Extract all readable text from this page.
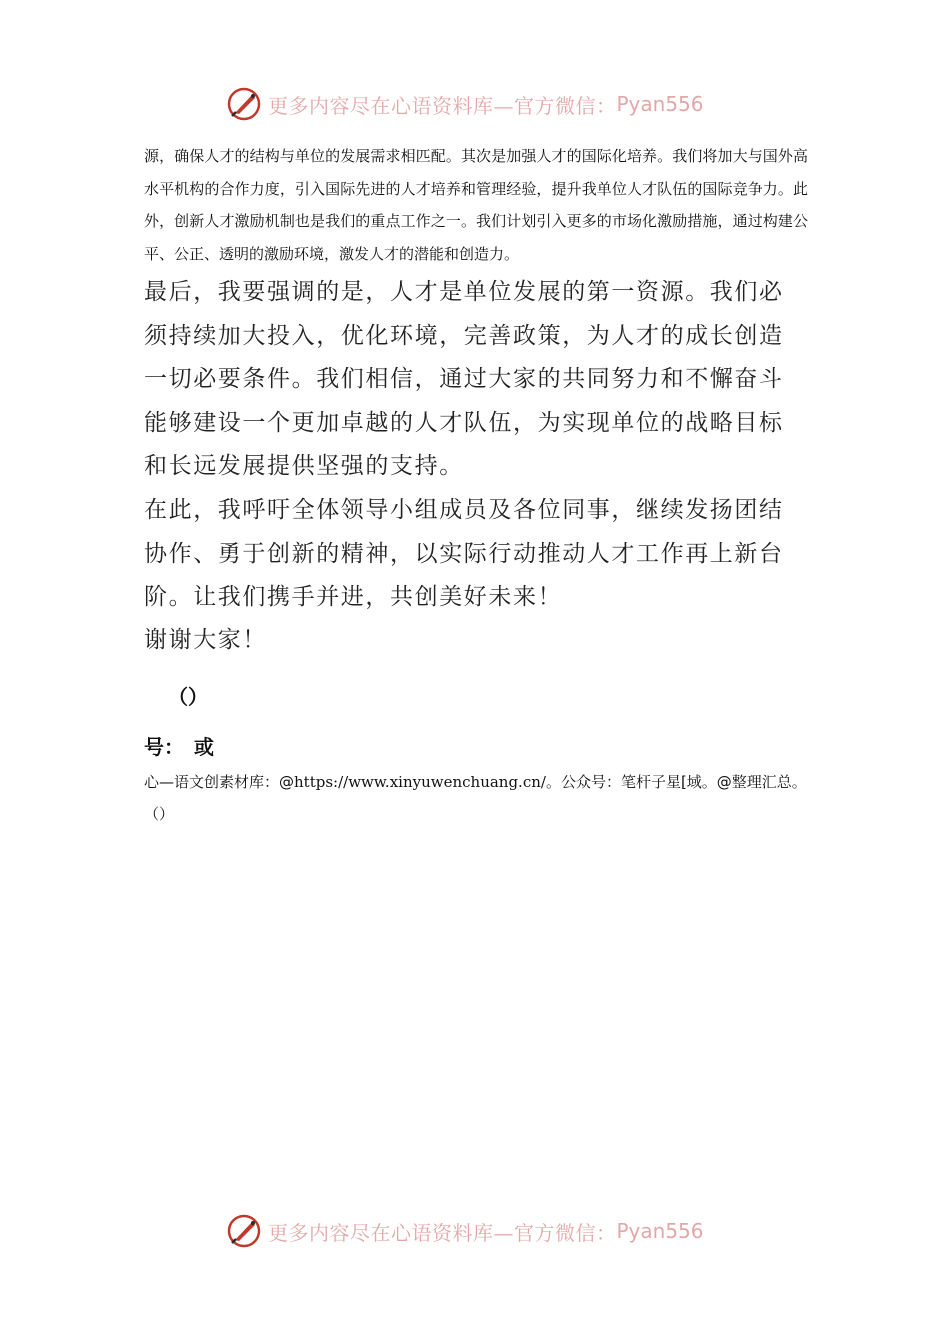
更多内容尽在心语资料库—官方微信： Pyan556

源，确保人才的结构与单位的发展需求相匹配。其次是加强人才的国际化培养。我们将加大与国外高水平机构的合作力度，引入国际先进的人才培养和管理经验，提升我单位人才队伍的国际竞争力。此外，创新人才激励机制也是我们的重点工作之一。我们计划引入更多的市场化激励措施，通过构建公平、公正、透明的激励环境，激发人才的潜能和创造力。

最后，我要强调的是，人才是单位发展的第一资源。我们必须持续加大投入，优化环境，完善政策，为人才的成长创造一切必要条件。我们相信，通过大家的共同努力和不懈奋斗能够建设一个更加卓越的人才队伍，为实现单位的战略目标和长远发展提供坚强的支持。

在此，我呼吁全体领导小组成员及各位同事，继续发扬团结协作、勇于创新的精神，以实际行动推动人才工作再上新台阶。让我们携手并进，共创美好未来！

谢谢大家！

（）
号：　或

心—语文创素材库：@https://www.xinyuwenchuang.cn/。公众号：笔杆子星[域。@整理汇总。（）

更多内容尽在心语资料库—官方微信： Pyan556
